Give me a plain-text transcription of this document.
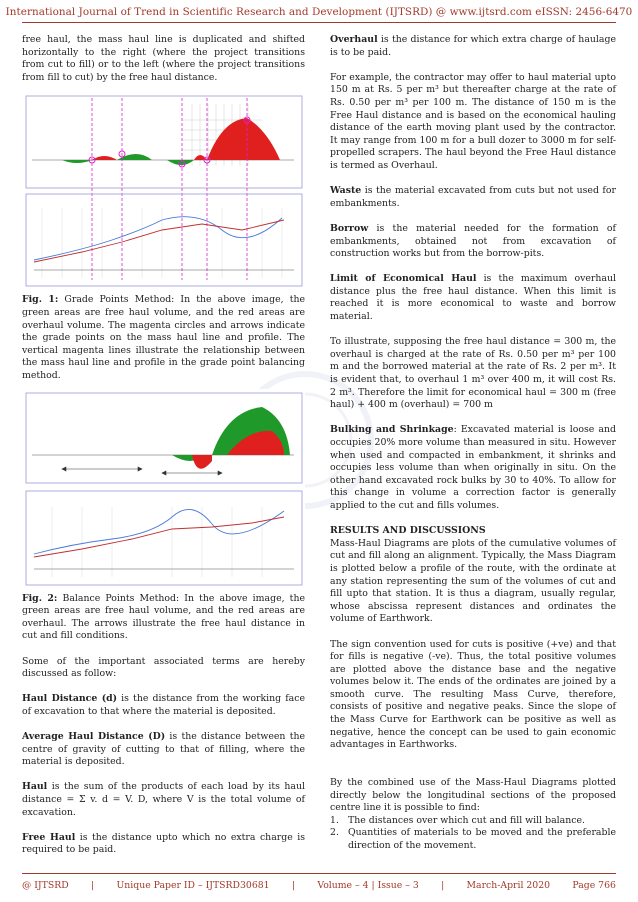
International Journal of Trend in Scientific Research and Development (IJTSRD) @ www.ijtsrd.com eISSN: 2456-6470

free haul, the mass haul line is duplicated and shifted horizontally to the right (where the project transitions from cut to fill) or to the left (where the project transitions from fill to cut) by the free haul distance.

Fig. 1: Grade Points Method: In the above image, the green areas are free haul volume, and the red areas are overhaul volume. The magenta circles and arrows indicate the grade points on the mass haul line and profile. The vertical magenta lines illustrate the relationship between the mass haul line and profile in the grade point balancing method.

Fig. 2: Balance Points Method: In the above image, the green areas are free haul volume, and the red areas are overhaul. The arrows illustrate the free haul distance in cut and fill conditions.

Some of the important associated terms are hereby discussed as follow:

Haul Distance (d) is the distance from the working face of excavation to that where the material is deposited.

Average Haul Distance (D) is the distance between the centre of gravity of cutting to that of filling, where the material is deposited.

Haul is the sum of the products of each load by its haul distance = Σ v. d = V. D, where V is the total volume of excavation.

Free Haul is the distance upto which no extra charge is required to be paid.

Overhaul is the distance for which extra charge of haulage is to be paid.

For example, the contractor may offer to haul material upto 150 m at Rs. 5 per m³ but thereafter charge at the rate of Rs. 0.50 per m³ per 100 m. The distance of 150 m is the Free Haul distance and is based on the economical hauling distance of the earth moving plant used by the contractor. It may range from 100 m for a bull dozer to 3000 m for self-propelled scrapers. The haul beyond the Free Haul distance is termed as Overhaul.

Waste is the material excavated from cuts but not used for embankments.

Borrow is the material needed for the formation of embankments, obtained not from excavation of construction works but from the borrow-pits.

Limit of Economical Haul is the maximum overhaul distance plus the free haul distance. When this limit is reached it is more economical to waste and borrow material.

To illustrate, supposing the free haul distance = 300 m, the overhaul is charged at the rate of Rs. 0.50 per m³ per 100 m and the borrowed material at the rate of Rs. 2 per m³. It is evident that, to overhaul 1 m³ over 400 m, it will cost Rs. 2 m³. Therefore the limit for economical haul = 300 m (free haul) + 400 m (overhaul) = 700 m

Bulking and Shrinkage: Excavated material is loose and occupies 20% more volume than measured in situ. However when used and compacted in embankment, it shrinks and occupies less volume than when originally in situ. On the other hand excavated rock bulks by 30 to 40%. To allow for this change in volume a correction factor is generally applied to the cut and fills volumes.

RESULTS AND DISCUSSIONS

Mass-Haul Diagrams are plots of the cumulative volumes of cut and fill along an alignment. Typically, the Mass Diagram is plotted below a profile of the route, with the ordinate at any station representing the sum of the volumes of cut and fill upto that station. It is thus a diagram, usually regular, whose abscissa represent distances and ordinates the volume of Earthwork.

The sign convention used for cuts is positive (+ve) and that for fills is negative (-ve). Thus, the total positive volumes are plotted above the distance base and the negative volumes below it. The ends of the ordinates are joined by a smooth curve. The resulting Mass Curve, therefore, consists of positive and negative peaks. Since the slope of the Mass Curve for Earthwork can be positive as well as negative, hence the concept can be used to gain economic advantages in Earthworks.

By the combined use of the Mass-Haul Diagrams plotted directly below the longitudinal sections of the proposed centre line it is possible to find:

1. The distances over which cut and fill will balance.
2. Quantities of materials to be moved and the preferable direction of the movement.
@ IJTSRD | Unique Paper ID – IJTSRD30681 | Volume – 4 | Issue – 3 | March-April 2020 Page 766
